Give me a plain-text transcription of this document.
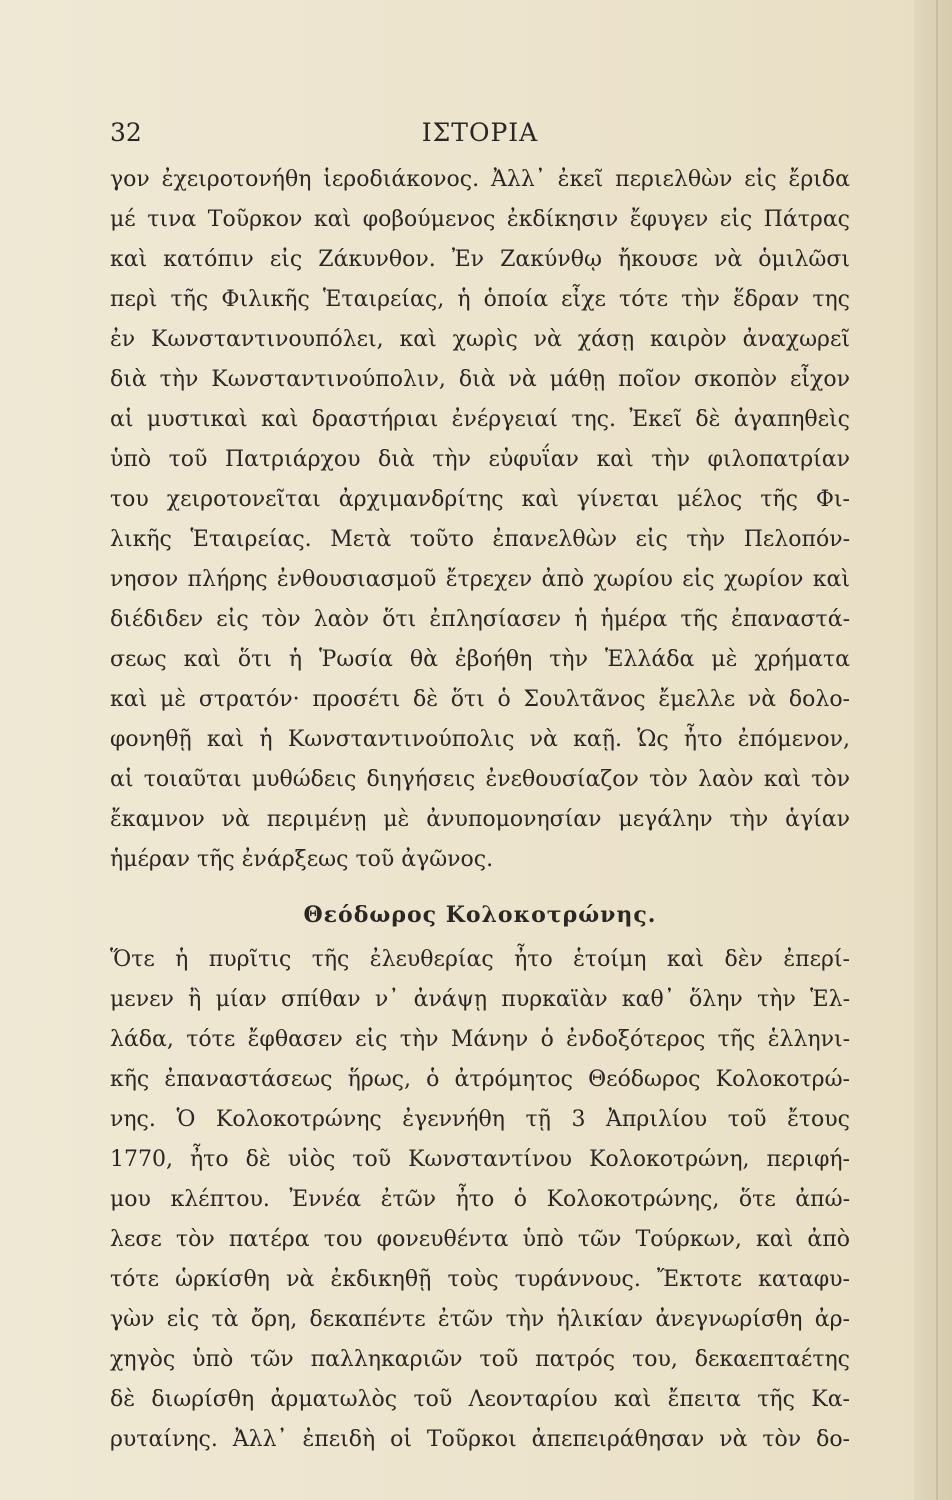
32	ΙΣΤΟΡΙΑ
γον ἐχειροτονήθη ἱεροδιάκονος. Ἀλλ᾽ ἐκεῖ περιελθὼν εἰς ἔριδα
μέ τινα Τοῦρκον καὶ φοβούμενος ἐκδίκησιν ἔφυγεν εἰς Πάτρας
καὶ κατόπιν εἰς Ζάκυνθον. Ἐν Ζακύνθῳ ἤκουσε νὰ ὁμιλῶσι
περὶ τῆς Φιλικῆς Ἑταιρείας, ἡ ὁποία εἶχε τότε τὴν ἕδραν της
ἐν Κωνσταντινουπόλει, καὶ χωρὶς νὰ χάσῃ καιρὸν ἀναχωρεῖ
διὰ τὴν Κωνσταντινούπολιν, διὰ νὰ μάθῃ ποῖον σκοπὸν εἶχον
αἱ μυστικαὶ καὶ δραστήριαι ἐνέργειαί της. Ἐκεῖ δὲ ἀγαπηθεὶς
ὑπὸ τοῦ Πατριάρχου διὰ τὴν εὐφυΐαν καὶ τὴν φιλοπατρίαν
του χειροτονεῖται ἀρχιμανδρίτης καὶ γίνεται μέλος τῆς Φι-
λικῆς Ἑταιρείας. Μετὰ τοῦτο ἐπανελθὼν εἰς τὴν Πελοπόν-
νησον πλήρης ἐνθουσιασμοῦ ἔτρεχεν ἀπὸ χωρίου εἰς χωρίον καὶ
διέδιδεν εἰς τὸν λαὸν ὅτι ἐπλησίασεν ἡ ἡμέρα τῆς ἐπαναστά-
σεως καὶ ὅτι ἡ Ῥωσία θὰ ἐβοήθη τὴν Ἑλλάδα μὲ χρήματα
καὶ μὲ στρατόν· προσέτι δὲ ὅτι ὁ Σουλτᾶνος ἔμελλε νὰ δολο-
φονηθῇ καὶ ἡ Κωνσταντινούπολις νὰ καῇ. Ὡς ἦτο ἐπόμενον,
αἱ τοιαῦται μυθώδεις διηγήσεις ἐνεθουσίαζον τὸν λαὸν καὶ τὸν
ἔκαμνον νὰ περιμένῃ μὲ ἀνυπομονησίαν μεγάλην τὴν ἁγίαν
ἡμέραν τῆς ἐνάρξεως τοῦ ἀγῶνος.
Θεόδωρος Κολοκοτρώνης.
Ὅτε ἡ πυρῖτις τῆς ἐλευθερίας ἦτο ἑτοίμη καὶ δὲν ἐπερί-
μενεν ἢ μίαν σπίθαν ν᾽ ἀνάψῃ πυρκαϊὰν καθ᾽ ὅλην τὴν Ἑλ-
λάδα, τότε ἔφθασεν εἰς τὴν Μάνην ὁ ἐνδοξότερος τῆς ἑλληνι-
κῆς ἐπαναστάσεως ἥρως, ὁ ἀτρόμητος Θεόδωρος Κολοκοτρώ-
νης. Ὁ Κολοκοτρώνης ἐγεννήθη τῇ 3 Ἀπριλίου τοῦ ἔτους
1770, ἦτο δὲ υἱὸς τοῦ Κωνσταντίνου Κολοκοτρώνη, περιφή-
μου κλέπτου. Ἐννέα ἐτῶν ἦτο ὁ Κολοκοτρώνης, ὅτε ἀπώ-
λεσε τὸν πατέρα του φονευθέντα ὑπὸ τῶν Τούρκων, καὶ ἀπὸ
τότε ὡρκίσθη νὰ ἐκδικηθῇ τοὺς τυράννους. Ἔκτοτε καταφυ-
γὼν εἰς τὰ ὄρη, δεκαπέντε ἐτῶν τὴν ἡλικίαν ἀνεγνωρίσθη ἀρ-
χηγὸς ὑπὸ τῶν παλληκαριῶν τοῦ πατρός του, δεκαεπταέτης
δὲ διωρίσθη ἀρματωλὸς τοῦ Λεονταρίου καὶ ἔπειτα τῆς Κα-
ρυταίνης. Ἀλλ᾽ ἐπειδὴ οἱ Τοῦρκοι ἀπεπειράθησαν νὰ τὸν δο-
